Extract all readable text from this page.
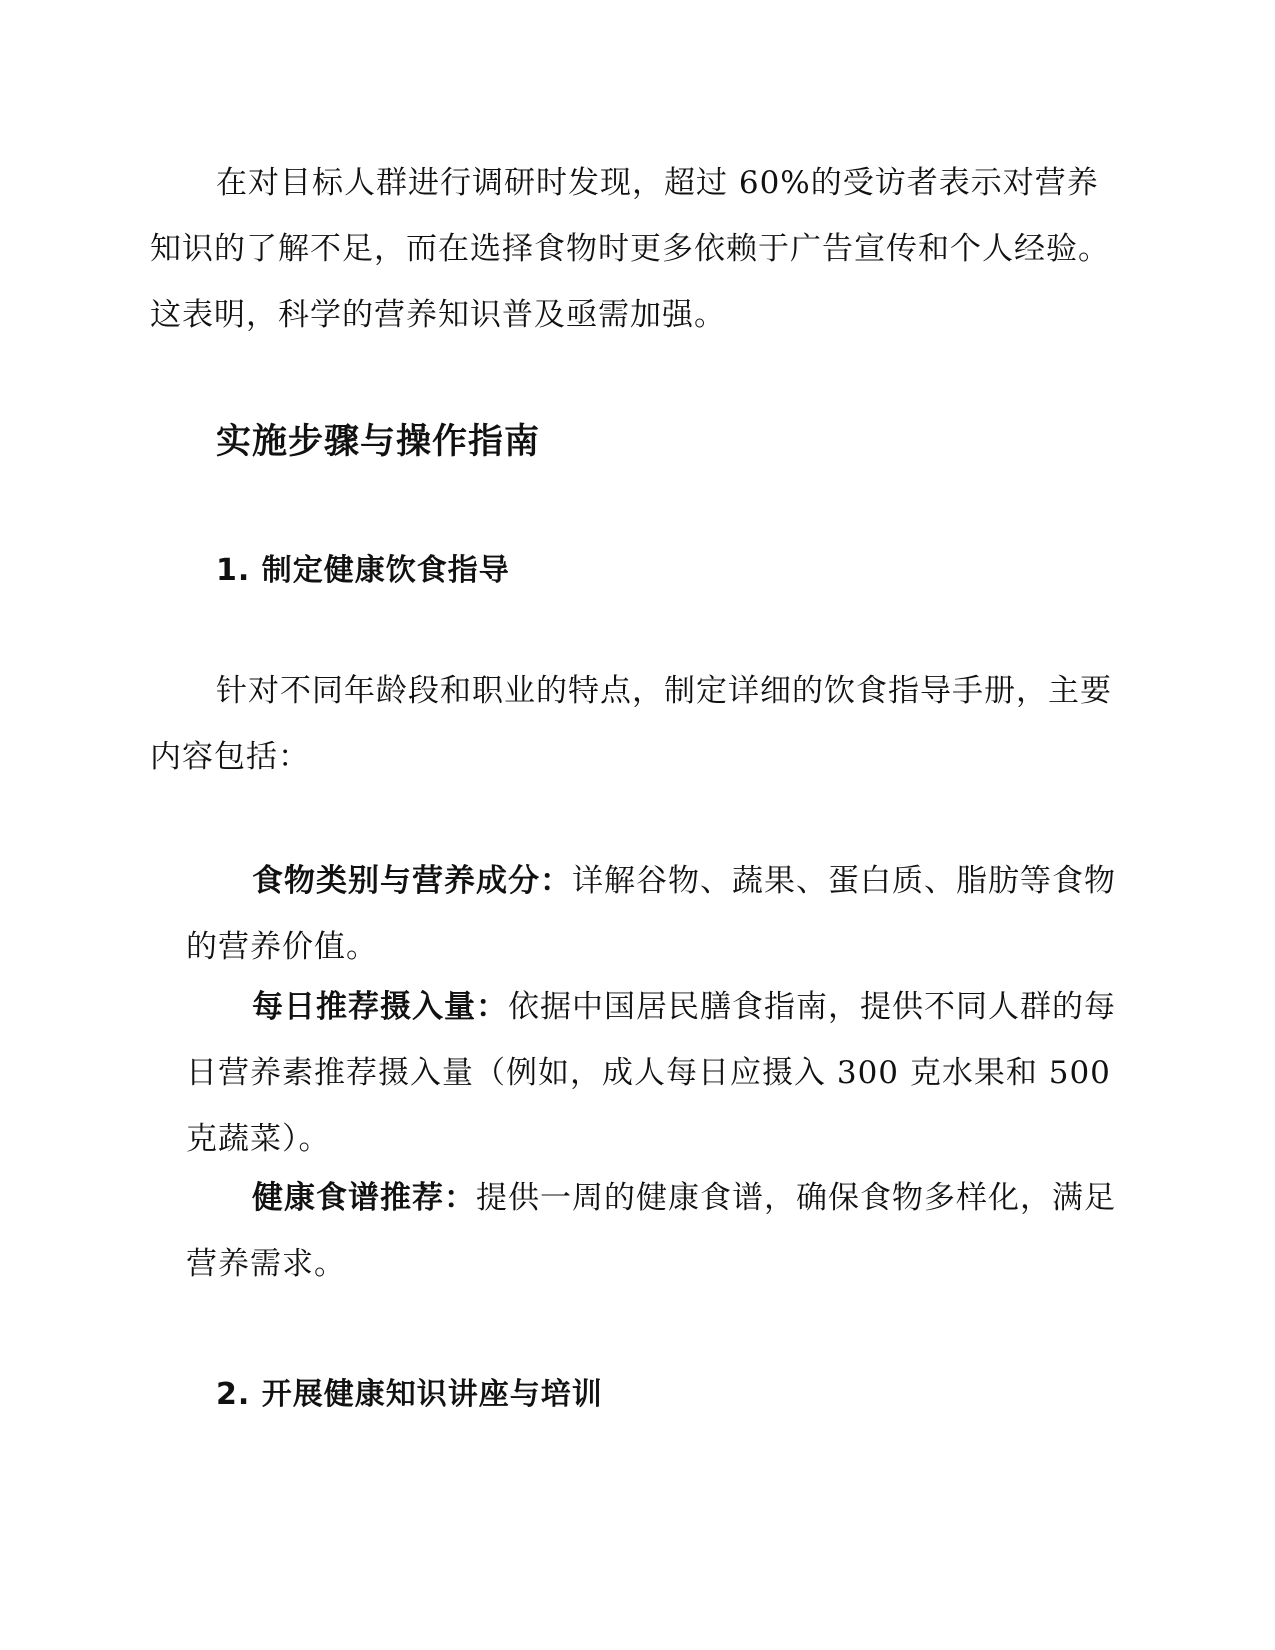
在对目标人群进行调研时发现，超过 60%的受访者表示对营养知识的了解不足，而在选择食物时更多依赖于广告宣传和个人经验。这表明，科学的营养知识普及亟需加强。

实施步骤与操作指南
1. 制定健康饮食指导

针对不同年龄段和职业的特点，制定详细的饮食指导手册，主要内容包括：

食物类别与营养成分：详解谷物、蔬果、蛋白质、脂肪等食物的营养价值。

每日推荐摄入量：依据中国居民膳食指南，提供不同人群的每日营养素推荐摄入量（例如，成人每日应摄入 300 克水果和 500 克蔬菜）。

健康食谱推荐：提供一周的健康食谱，确保食物多样化，满足营养需求。

2. 开展健康知识讲座与培训
